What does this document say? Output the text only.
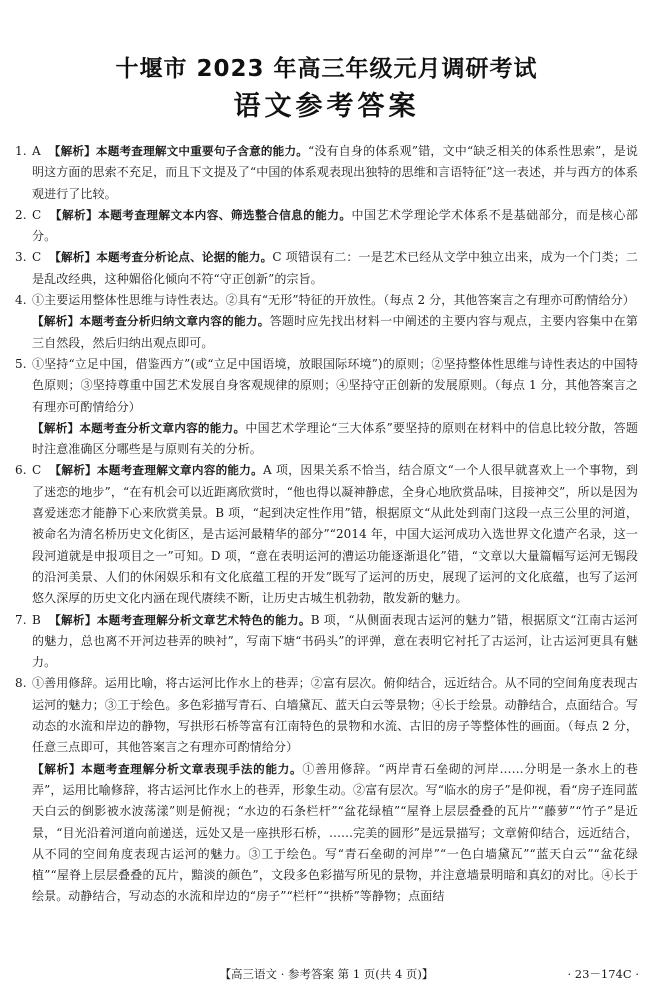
十堰市 2023 年高三年级元月调研考试
语文参考答案

1. A 【解析】本题考查理解文中重要句子含意的能力。“没有自身的体系观”错，文中“缺乏相关的体系性思索”，是说明这方面的思索不充足，而且下文提及了“中国的体系观表现出独特的思维和言语特征”这一表述，并与西方的体系观进行了比较。

2. C 【解析】本题考查理解文本内容、筛选整合信息的能力。中国艺术学理论学术体系不是基础部分，而是核心部分。

3. C 【解析】本题考查分析论点、论据的能力。C 项错误有二：一是艺术已经从文学中独立出来，成为一个门类；二是乱改经典，这种媚俗化倾向不符“守正创新”的宗旨。

4. ①主要运用整体性思维与诗性表达。②具有“无形”特征的开放性。（每点 2 分，其他答案言之有理亦可酌情给分）

【解析】本题考查分析归纳文章内容的能力。答题时应先找出材料一中阐述的主要内容与观点，主要内容集中在第三自然段，然后归纳出观点即可。

5. ①坚持“立足中国，借鉴西方”(或“立足中国语境，放眼国际环境”)的原则；②坚持整体性思维与诗性表达的中国特色原则；③坚持尊重中国艺术发展自身客观规律的原则；④坚持守正创新的发展原则。（每点 1 分，其他答案言之有理亦可酌情给分）

【解析】本题考查分析文章内容的能力。中国艺术学理论“三大体系”要坚持的原则在材料中的信息比较分散，答题时注意准确区分哪些是与原则有关的分析。

6. C 【解析】本题考查理解文章内容的能力。A 项，因果关系不恰当，结合原文“一个人很早就喜欢上一个事物，到了迷恋的地步”，“在有机会可以近距离欣赏时，“他也得以凝神静虑，全身心地欣赏品味，目接神交”，所以是因为喜爱迷恋才能静下心来欣赏美景。B 项，“起到决定性作用”错，根据原文“从此处到南门这段一点三公里的河道，被命名为清名桥历史文化街区，是古运河最精华的部分”“2014 年，中国大运河成功入选世界文化遗产名录，这一段河道就是申报项目之一”可知。D 项，“意在表明运河的漕运功能逐渐退化”错，“文章以大量篇幅写运河无锡段的沿河美景、人们的休闲娱乐和有文化底蕴工程的开发”既写了运河的历史，展现了运河的文化底蕴，也写了运河悠久深厚的历史文化内涵在现代赓续不断，让历史古城生机勃勃，散发新的魅力。

7. B 【解析】本题考查理解分析文章艺术特色的能力。B 项，“从侧面表现古运河的魅力”错，根据原文“江南古运河的魅力，总也离不开河边巷弄的映衬”，写南下塘“书码头”的评弹，意在表明它衬托了古运河，让古运河更具有魅力。

8. ①善用修辞。运用比喻，将古运河比作水上的巷弄；②富有层次。俯仰结合，远近结合。从不同的空间角度表现古运河的魅力；③工于绘色。多色彩描写青石、白墙黛瓦、蓝天白云等景物；④长于绘景。动静结合，点面结合。写动态的水流和岸边的静物，写拱形石桥等富有江南特色的景物和水流、古旧的房子等整体性的画面。（每点 2 分，任意三点即可，其他答案言之有理亦可酌情给分）

【解析】本题考查理解分析文章表现手法的能力。①善用修辞。“两岸青石垒砌的河岸……分明是一条水上的巷弄”，运用比喻修辞，将古运河比作水上的巷弄，形象生动。②富有层次。写“临水的房子”是仰视，看“房子连同蓝天白云的倒影被水波荡漾”则是俯视；“水边的石条栏杆”“盆花绿植”“屋脊上层层叠叠的瓦片”“藤萝”“竹子”是近景，“目光沿着河道向前递送，远处又是一座拱形石桥，……完美的圆形”是远景描写；文章俯仰结合，远近结合，从不同的空间角度表现古运河的魅力。③工于绘色。写“青石垒砌的河岸”“一色白墙黛瓦”“蓝天白云”“盆花绿植”“屋脊上层层叠叠的瓦片，黯淡的颜色”，文段多色彩描写所见的景物，并注意墙景明暗和真幻的对比。④长于绘景。动静结合，写动态的水流和岸边的“房子”“栏杆”“拱桥”等静物；点面结

【高三语文 · 参考答案 第 1 页(共 4 页)】	· 23－174C ·
